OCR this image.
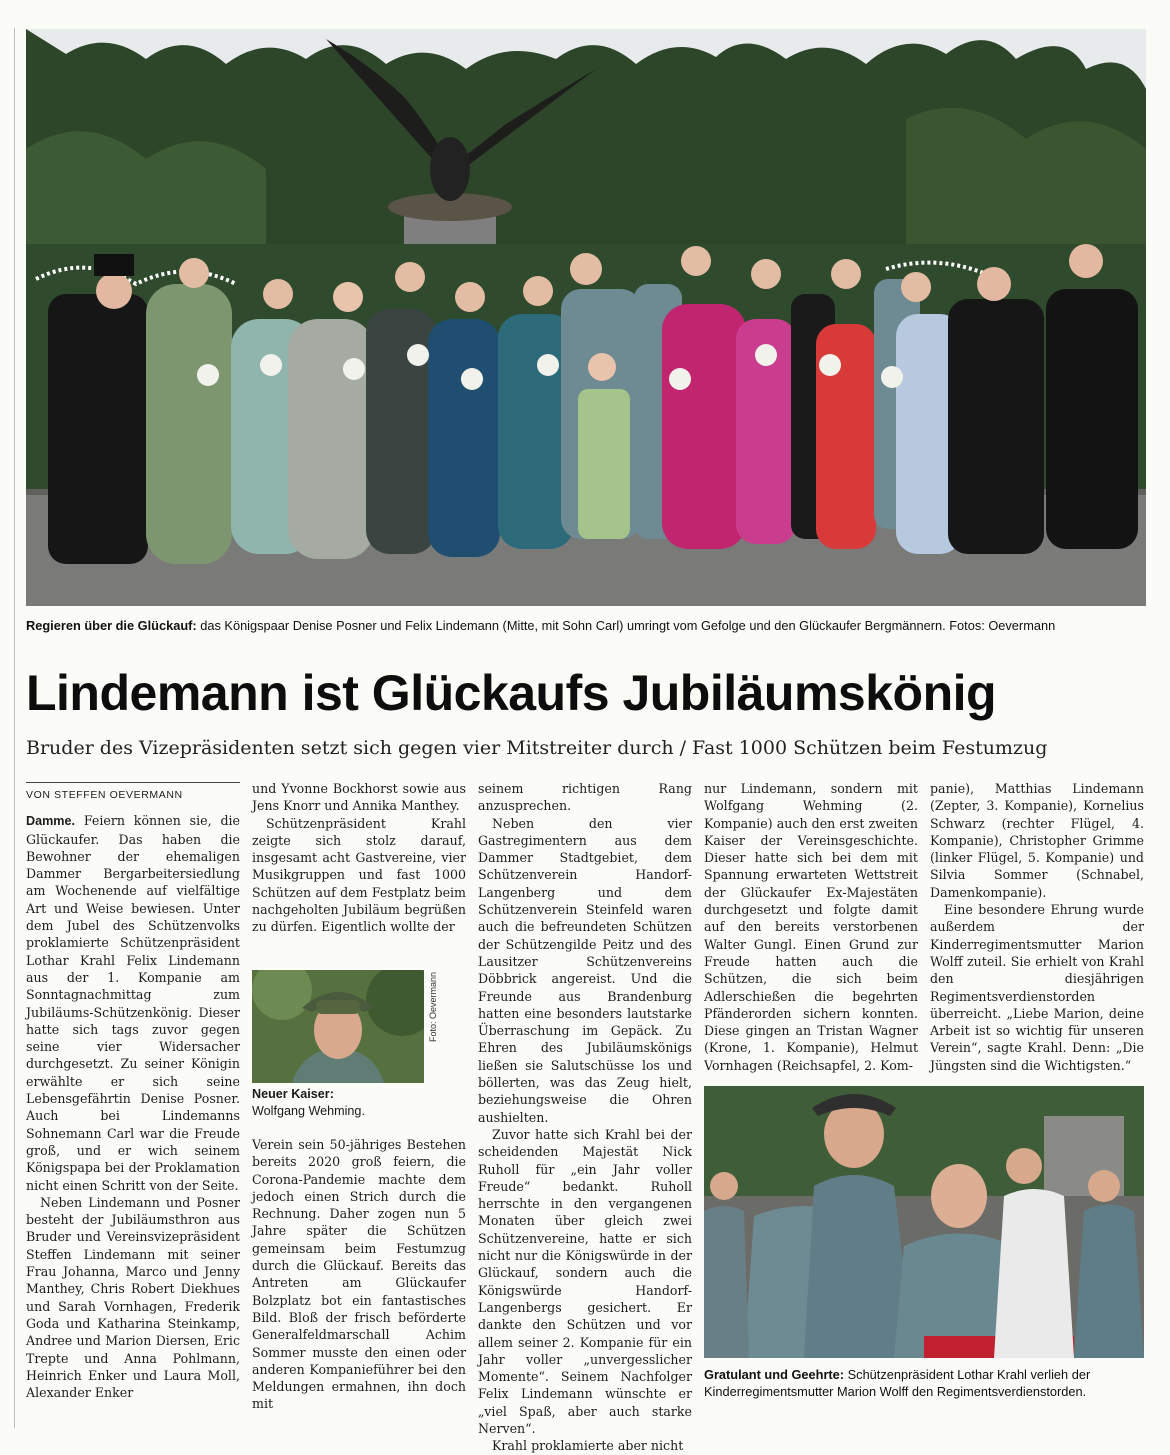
Regieren über die Glückauf: das Königspaar Denise Posner und Felix Lindemann (Mitte, mit Sohn Carl) umringt vom Gefolge und den Glückaufer Bergmännern. Fotos: Oevermann
Lindemann ist Glückaufs Jubiläumskönig
Bruder des Vizepräsidenten setzt sich gegen vier Mitstreiter durch / Fast 1000 Schützen beim Festumzug
VON STEFFEN OEVERMANN

Damme. Feiern können sie, die Glückaufer. Das haben die Bewohner der ehemaligen Dammer Bergarbeitersiedlung am Wochenende auf vielfältige Art und Weise bewiesen. Unter dem Jubel des Schützenvolks proklamierte Schützenpräsident Lothar Krahl Felix Lindemann aus der 1. Kompanie am Sonntagnachmittag zum Jubiläums-Schützenkönig. Dieser hatte sich tags zuvor gegen seine vier Widersacher durchgesetzt. Zu seiner Königin erwählte er sich seine Lebensgefährtin Denise Posner. Auch bei Lindemanns Sohnemann Carl war die Freude groß, und er wich seinem Königspapa bei der Proklamation nicht einen Schritt von der Seite.

Neben Lindemann und Posner besteht der Jubiläumsthron aus Bruder und Vereinsvizepräsident Steffen Lindemann mit seiner Frau Johanna, Marco und Jenny Manthey, Chris Robert Diekhues und Sarah Vornhagen, Frederik Goda und Katharina Steinkamp, Andree und Marion Diersen, Eric Trepte und Anna Pohlmann, Heinrich Enker und Laura Moll, Alexander Enker

und Yvonne Bockhorst sowie aus Jens Knorr und Annika Manthey.

Schützenpräsident Krahl zeigte sich stolz darauf, insgesamt acht Gastvereine, vier Musikgruppen und fast 1000 Schützen auf dem Festplatz beim nachgeholten Jubiläum begrüßen zu dürfen. Eigentlich wollte der

Foto: Oevermann
Neuer Kaiser:
Wolfgang Wehming.

Verein sein 50-jähriges Bestehen bereits 2020 groß feiern, die Corona-Pandemie machte dem jedoch einen Strich durch die Rechnung. Daher zogen nun 5 Jahre später die Schützen gemeinsam beim Festumzug durch die Glückauf. Bereits das Antreten am Glückaufer Bolzplatz bot ein fantastisches Bild. Bloß der frisch beförderte Generalfeldmarschall Achim Sommer musste den einen oder anderen Kompanieführer bei den Meldungen ermahnen, ihn doch mit

seinem richtigen Rang anzusprechen.

Neben den vier Gastregimentern aus dem Dammer Stadtgebiet, dem Schützenverein Handorf-Langenberg und dem Schützenverein Steinfeld waren auch die befreundeten Schützen der Schützengilde Peitz und des Lausitzer Schützenvereins Döbbrick angereist. Und die Freunde aus Brandenburg hatten eine besonders lautstarke Überraschung im Gepäck. Zu Ehren des Jubiläumskönigs ließen sie Salutschüsse los und böllerten, was das Zeug hielt, beziehungsweise die Ohren aushielten.

Zuvor hatte sich Krahl bei der scheidenden Majestät Nick Ruholl für „ein Jahr voller Freude“ bedankt. Ruholl herrschte in den vergangenen Monaten über gleich zwei Schützenvereine, hatte er sich nicht nur die Königswürde in der Glückauf, sondern auch die Königswürde Handorf-Langenbergs gesichert. Er dankte den Schützen und vor allem seiner 2. Kompanie für ein Jahr voller „unvergesslicher Momente“. Seinem Nachfolger Felix Lindemann wünschte er „viel Spaß, aber auch starke Nerven“.

Krahl proklamierte aber nicht

nur Lindemann, sondern mit Wolfgang Wehming (2. Kompanie) auch den erst zweiten Kaiser der Vereinsgeschichte. Dieser hatte sich bei dem mit Spannung erwarteten Wettstreit der Glückaufer Ex-Majestäten durchgesetzt und folgte damit auf den bereits verstorbenen Walter Gungl. Einen Grund zur Freude hatten auch die Schützen, die sich beim Adlerschießen die begehrten Pfänderorden sichern konnten. Diese gingen an Tristan Wagner (Krone, 1. Kompanie), Helmut Vornhagen (Reichsapfel, 2. Kom-

panie), Matthias Lindemann (Zepter, 3. Kompanie), Kornelius Schwarz (rechter Flügel, 4. Kompanie), Christopher Grimme (linker Flügel, 5. Kompanie) und Silvia Sommer (Schnabel, Damenkompanie).

Eine besondere Ehrung wurde außerdem der Kinderregimentsmutter Marion Wolff zuteil. Sie erhielt von Krahl den diesjährigen Regimentsverdienstorden überreicht. „Liebe Marion, deine Arbeit ist so wichtig für unseren Verein“, sagte Krahl. Denn: „Die Jüngsten sind die Wichtigsten.“

Gratulant und Geehrte: Schützenpräsident Lothar Krahl verlieh der Kinderregimentsmutter Marion Wolff den Regimentsverdienstorden.
